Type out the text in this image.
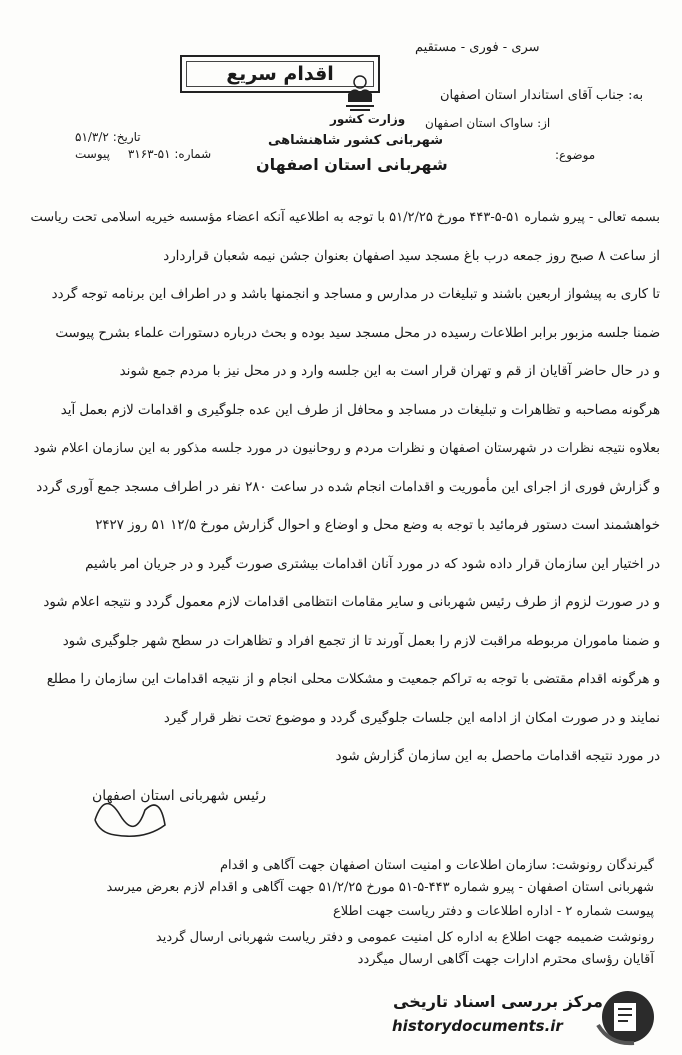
اقدام سریع
وزارت کشور
شهربانی کشور شاهنشاهی
شهربانی استان اصفهان
تاریخ: ۵۱/۳/۲
شماره: ۵۱-۳۱۶۳ پیوست
سری - فوری - مستقیم
به: جناب آقای استاندار استان اصفهان
از: ساواک استان اصفهان
موضوع:
بسمه تعالی - پیرو شماره ۵۱-۵-۴۴۳ مورخ ۵۱/۲/۲۵ با توجه به اطلاعیه آنکه اعضاء مؤسسه خیریه اسلامی تحت ریاست
از ساعت ۸ صبح روز جمعه درب باغ مسجد سید اصفهان بعنوان جشن نیمه شعبان قراردارد
تا کاری به پیشواز اربعین باشند و تبلیغات در مدارس و مساجد و انجمنها باشد و در اطراف این برنامه توجه گردد
ضمنا جلسه مزبور برابر اطلاعات رسیده در محل مسجد سید بوده و بحث درباره دستورات علماء بشرح پیوست
و در حال حاضر آقایان از قم و تهران قرار است به این جلسه وارد و در محل نیز با مردم جمع شوند
هرگونه مصاحبه و تظاهرات و تبلیغات در مساجد و محافل از طرف این عده جلوگیری و اقدامات لازم بعمل آید
بعلاوه نتیجه نظرات در شهرستان اصفهان و نظرات مردم و روحانیون در مورد جلسه مذکور به این سازمان اعلام شود
و گزارش فوری از اجرای این مأموریت و اقدامات انجام شده در ساعت ۲۸۰ نفر در اطراف مسجد جمع آوری گردد
خواهشمند است دستور فرمائید با توجه به وضع محل و اوضاع و احوال گزارش مورخ ۱۲/۵ ۵۱ روز ۲۴۲۷
در اختیار این سازمان قرار داده شود که در مورد آنان اقدامات بیشتری صورت گیرد و در جریان امر باشیم
و در صورت لزوم از طرف رئیس شهربانی و سایر مقامات انتظامی اقدامات لازم معمول گردد و نتیجه اعلام شود
و ضمنا ماموران مربوطه مراقبت لازم را بعمل آورند تا از تجمع افراد و تظاهرات در سطح شهر جلوگیری شود
و هرگونه اقدام مقتضی با توجه به تراکم جمعیت و مشکلات محلی انجام و از نتیجه اقدامات این سازمان را مطلع
نمایند و در صورت امکان از ادامه این جلسات جلوگیری گردد و موضوع تحت نظر قرار گیرد
در مورد نتیجه اقدامات ماحصل به این سازمان گزارش شود
رئیس شهربانی استان اصفهان
گیرندگان رونوشت: سازمان اطلاعات و امنیت استان اصفهان جهت آگاهی و اقدام
شهربانی استان اصفهان - پیرو شماره ۴۴۳-۵-۵۱ مورخ ۵۱/۲/۲۵ جهت آگاهی و اقدام لازم بعرض میرسد
پیوست شماره ۲ - اداره اطلاعات و دفتر ریاست جهت اطلاع
رونوشت ضمیمه جهت اطلاع به اداره کل امنیت عمومی و دفتر ریاست شهربانی ارسال گردید
آقایان رؤسای محترم ادارات جهت آگاهی ارسال میگردد
مرکز بررسی اسناد تاریخی
historydocuments.ir
